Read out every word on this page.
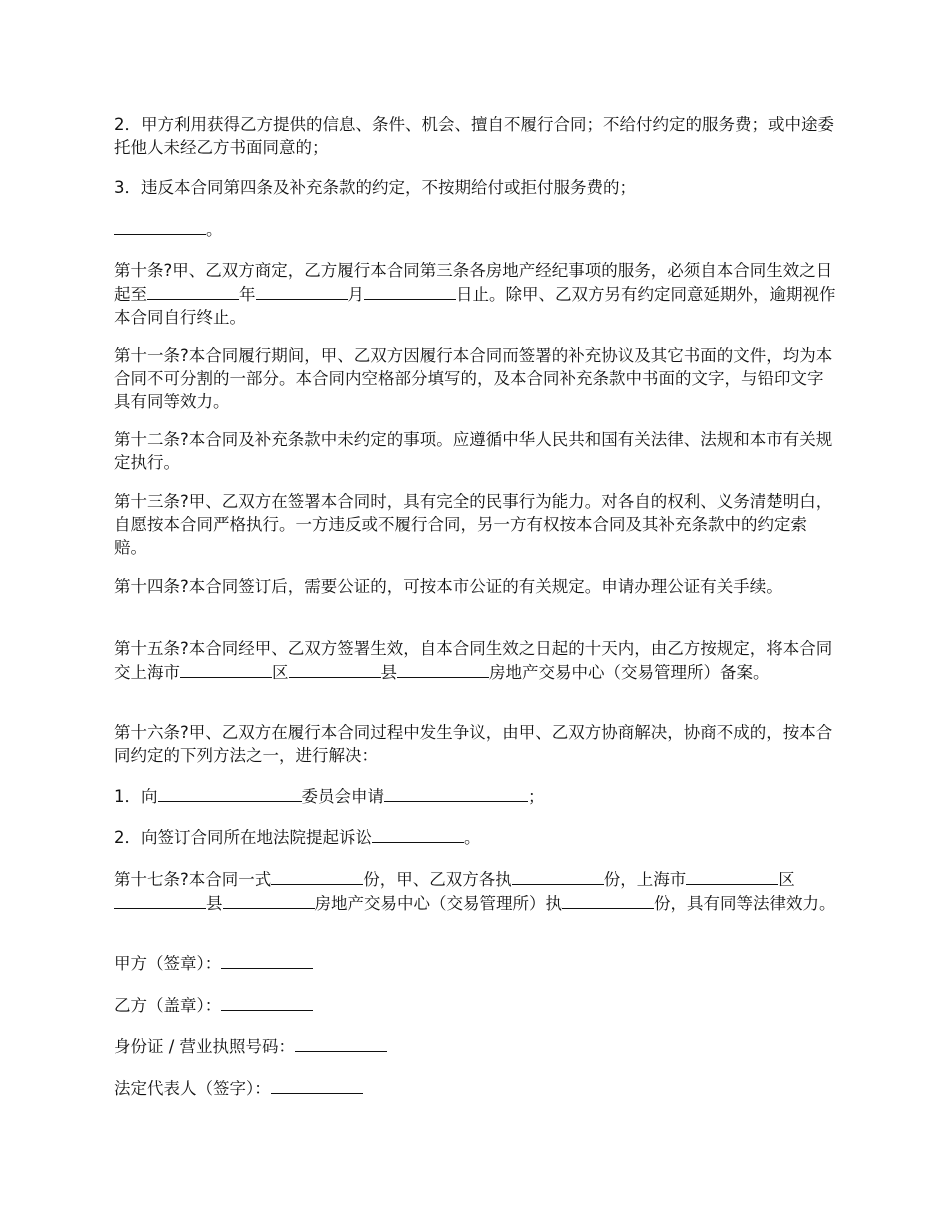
2．甲方利用获得乙方提供的信息、条件、机会、擅自不履行合同；不给付约定的服务费；或中途委托他人未经乙方书面同意的；

3．违反本合同第四条及补充条款的约定，不按期给付或拒付服务费的；

。

第十条?甲、乙双方商定，乙方履行本合同第三条各房地产经纪事项的服务，必须自本合同生效之日起至	年	月	日止。除甲、乙双方另有约定同意延期外，逾期视作本合同自行终止。

第十一条?本合同履行期间，甲、乙双方因履行本合同而签署的补充协议及其它书面的文件，均为本合同不可分割的一部分。本合同内空格部分填写的，及本合同补充条款中书面的文字，与铅印文字具有同等效力。

第十二条?本合同及补充条款中未约定的事项。应遵循中华人民共和国有关法律、法规和本市有关规定执行。

第十三条?甲、乙双方在签署本合同时，具有完全的民事行为能力。对各自的权利、义务清楚明白，自愿按本合同严格执行。一方违反或不履行合同，另一方有权按本合同及其补充条款中的约定索赔。

第十四条?本合同签订后，需要公证的，可按本市公证的有关规定。申请办理公证有关手续。

第十五条?本合同经甲、乙双方签署生效，自本合同生效之日起的十天内，由乙方按规定，将本合同交上海市	区	县	房地产交易中心（交易管理所）备案。

第十六条?甲、乙双方在履行本合同过程中发生争议，由甲、乙双方协商解决，协商不成的，按本合同约定的下列方法之一，进行解决：

1．向	委员会申请	；

2．向签订合同所在地法院提起诉讼	。

第十七条?本合同一式	份，甲、乙双方各执	份，上海市	区县	房地产交易中心（交易管理所）执	份，具有同等法律效力。

甲方（签章）：

乙方（盖章）：

身份证 / 营业执照号码：

法定代表人（签字）：
